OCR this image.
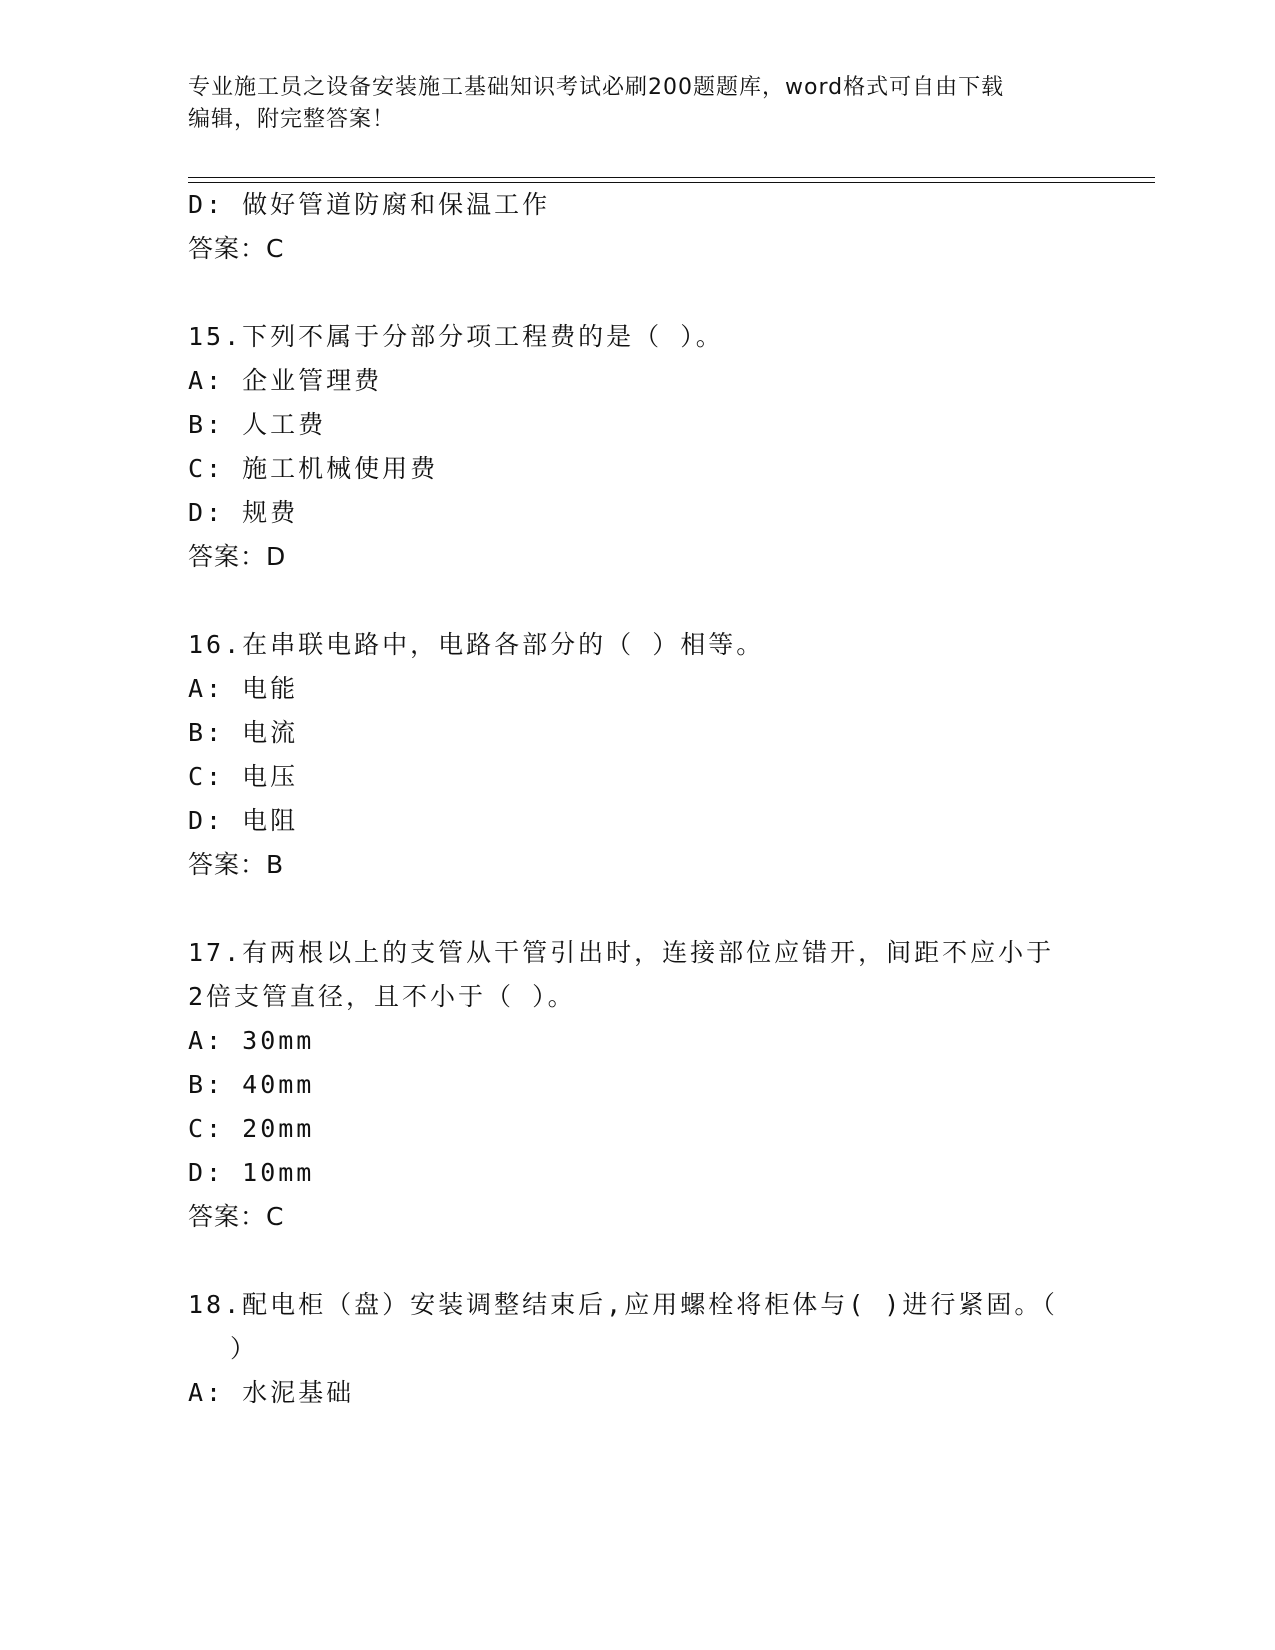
专业施工员之设备安装施工基础知识考试必刷200题题库，word格式可自由下载
编辑，附完整答案！
D: 做好管道防腐和保温工作
答案：C
15.下列不属于分部分项工程费的是（ ）。
A: 企业管理费
B: 人工费
C: 施工机械使用费
D: 规费
答案：D
16.在串联电路中，电路各部分的（ ）相等。
A: 电能
B: 电流
C: 电压
D: 电阻
答案：B
17.有两根以上的支管从干管引出时，连接部位应错开，间距不应小于
2倍支管直径，且不小于（ ）。
A: 30mm
B: 40mm
C: 20mm
D: 10mm
答案：C
18.配电柜（盘）安装调整结束后,应用螺栓将柜体与( )进行紧固。（
）
A: 水泥基础
